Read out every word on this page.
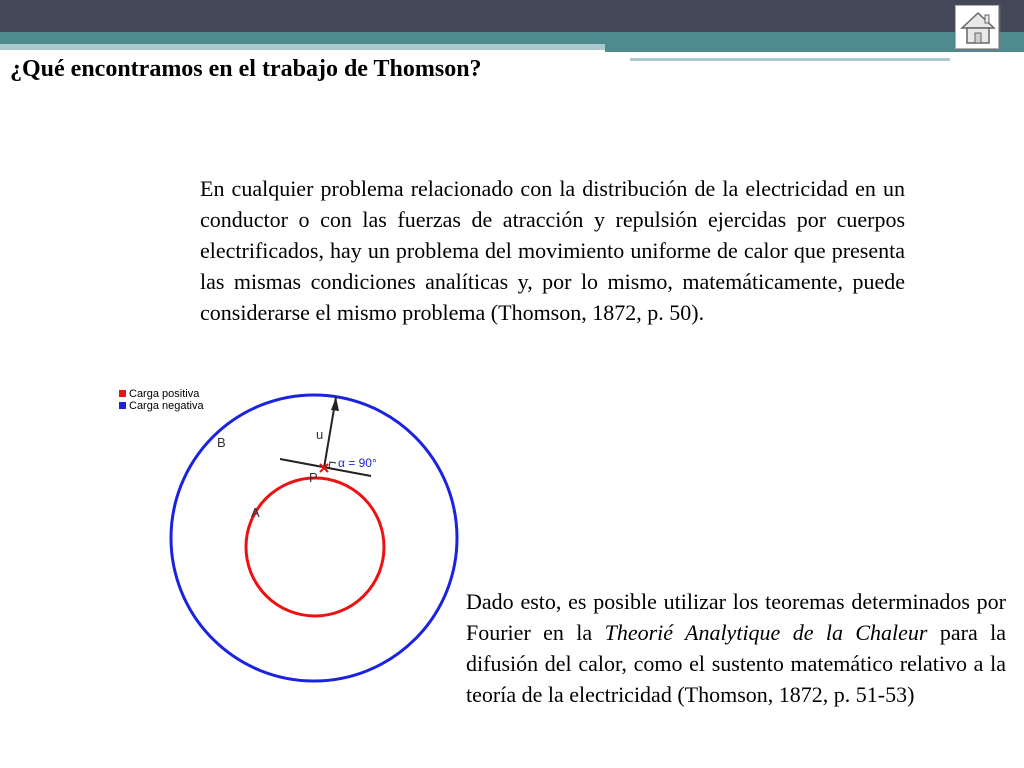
¿Qué encontramos en el trabajo de Thomson?
En cualquier problema relacionado con la distribución de la electricidad en un conductor o con las fuerzas de atracción y repulsión ejercidas por cuerpos electrificados, hay un problema del movimiento uniforme de calor que presenta las mismas condiciones analíticas y, por lo mismo, matemáticamente, puede considerarse el mismo problema (Thomson, 1872, p. 50).
Dado esto, es posible utilizar los teoremas determinados por Fourier en la Theorié Analytique de la Chaleur para la difusión del calor, como el sustento matemático relativo a la teoría de la electricidad (Thomson, 1872, p. 51-53)
Carga positiva
Carga negativa
B
A
u
P
α = 90°
